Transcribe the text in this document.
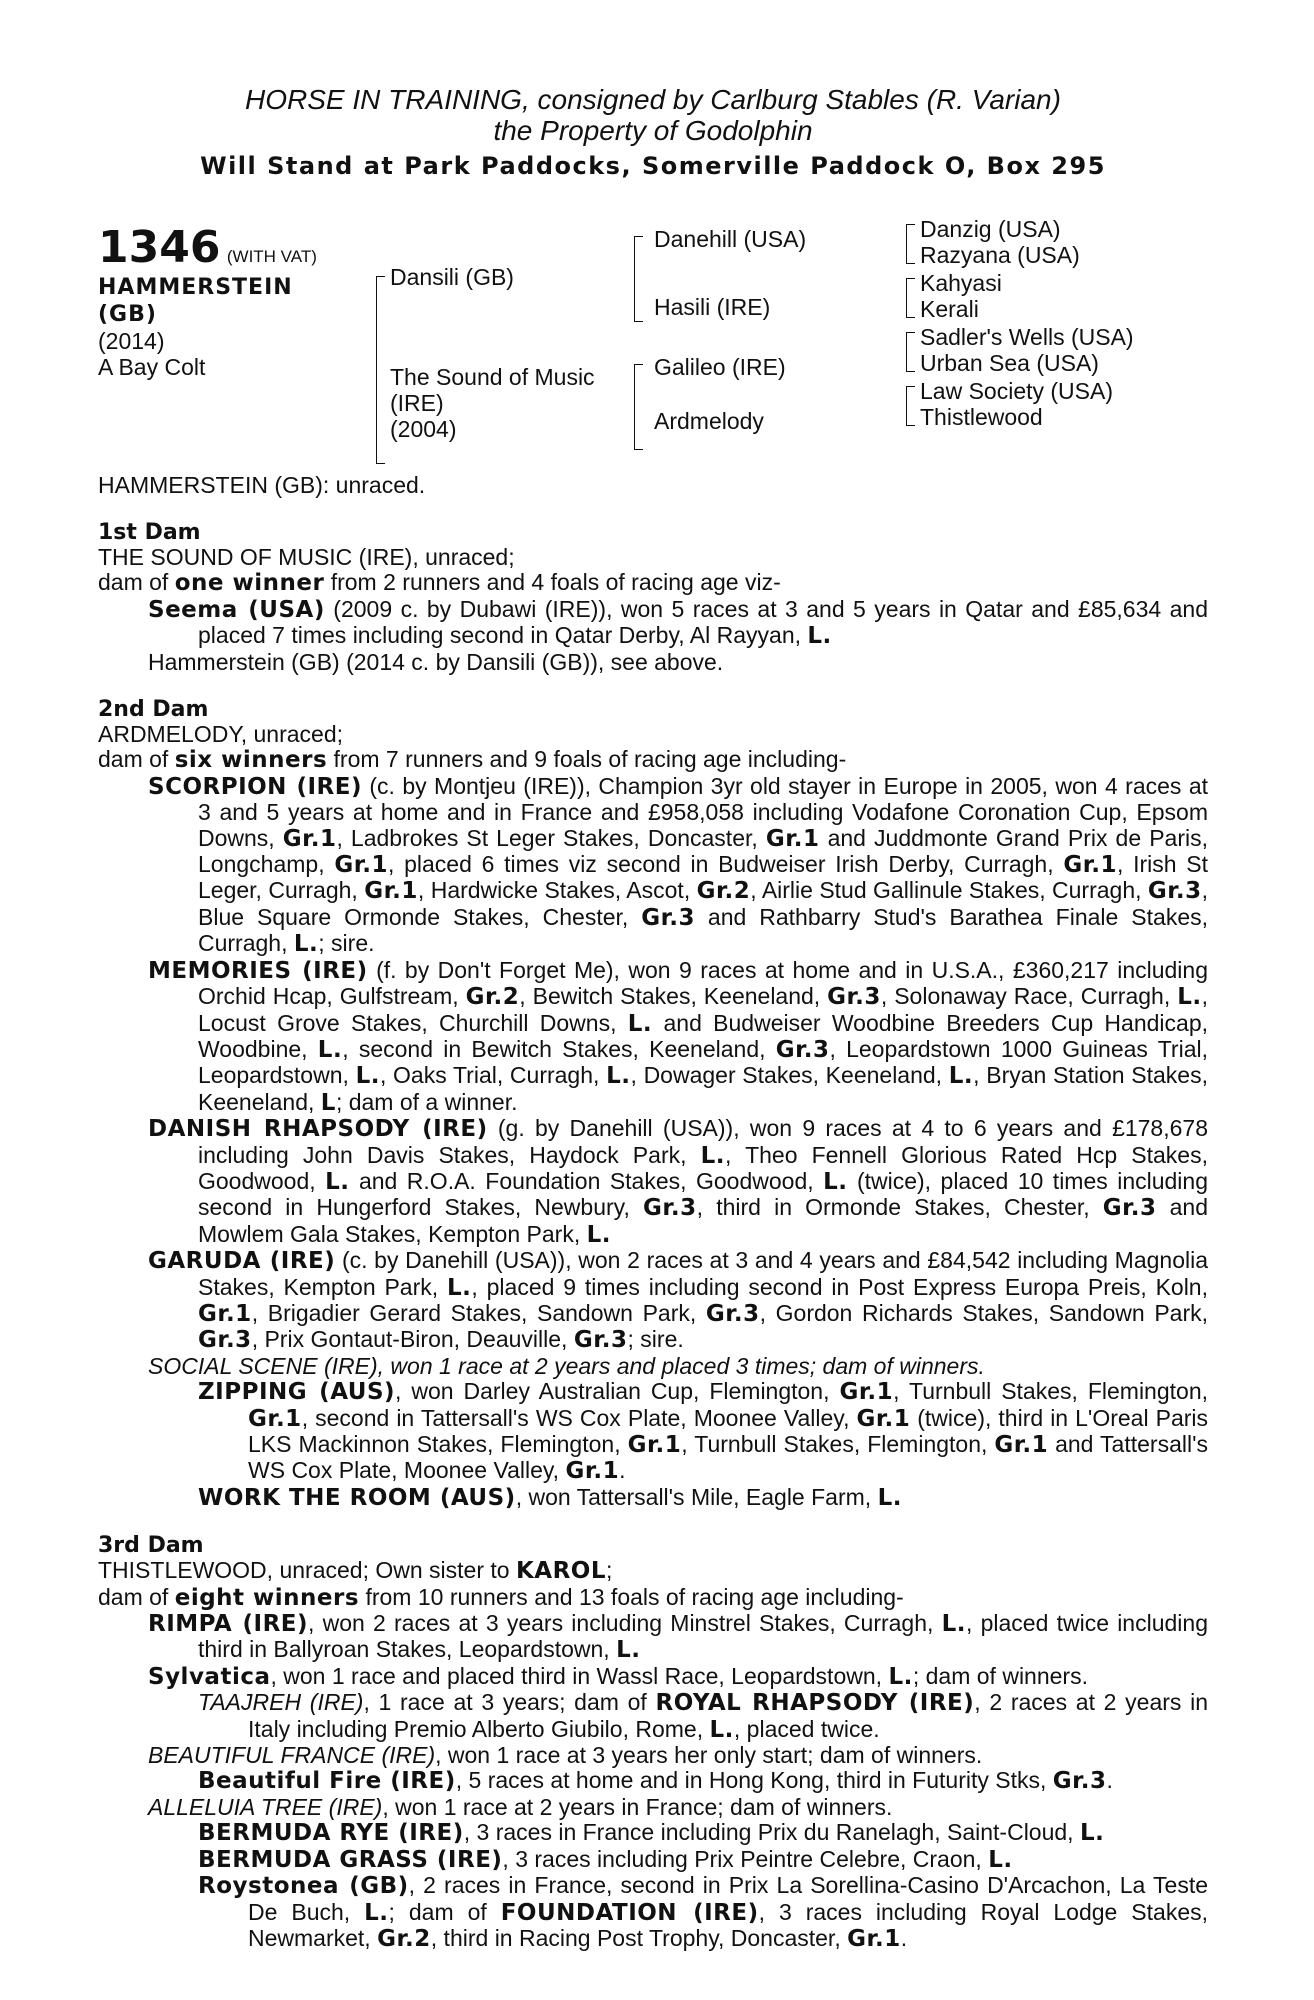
HORSE IN TRAINING, consigned by Carlburg Stables (R. Varian)
the Property of Godolphin
Will Stand at Park Paddocks, Somerville Paddock O, Box 295
1346 (WITH VAT)
HAMMERSTEIN
(GB)
(2014)
A Bay Colt
Dansili (GB)
The Sound of Music
(IRE)
(2004)
Danehill (USA)
Hasili (IRE)
Galileo (IRE)
Ardmelody
Danzig (USA)
Razyana (USA)
Kahyasi
Kerali
Sadler's Wells (USA)
Urban Sea (USA)
Law Society (USA)
Thistlewood
HAMMERSTEIN (GB): unraced.
1st Dam
THE SOUND OF MUSIC (IRE), unraced;
dam of one winner from 2 runners and 4 foals of racing age viz-
Seema (USA) (2009 c. by Dubawi (IRE)), won 5 races at 3 and 5 years in Qatar and £85,634 and placed 7 times including second in Qatar Derby, Al Rayyan, L.
Hammerstein (GB) (2014 c. by Dansili (GB)), see above.
2nd Dam
ARDMELODY, unraced;
dam of six winners from 7 runners and 9 foals of racing age including-
SCORPION (IRE) (c. by Montjeu (IRE)), Champion 3yr old stayer in Europe in 2005, won 4 races at 3 and 5 years at home and in France and £958,058 including Vodafone Coronation Cup, Epsom Downs, Gr.1, Ladbrokes St Leger Stakes, Doncaster, Gr.1 and Juddmonte Grand Prix de Paris, Longchamp, Gr.1, placed 6 times viz second in Budweiser Irish Derby, Curragh, Gr.1, Irish St Leger, Curragh, Gr.1, Hardwicke Stakes, Ascot, Gr.2, Airlie Stud Gallinule Stakes, Curragh, Gr.3, Blue Square Ormonde Stakes, Chester, Gr.3 and Rathbarry Stud's Barathea Finale Stakes, Curragh, L.; sire.
MEMORIES (IRE) (f. by Don't Forget Me), won 9 races at home and in U.S.A., £360,217 including Orchid Hcap, Gulfstream, Gr.2, Bewitch Stakes, Keeneland, Gr.3, Solonaway Race, Curragh, L., Locust Grove Stakes, Churchill Downs, L. and Budweiser Woodbine Breeders Cup Handicap, Woodbine, L., second in Bewitch Stakes, Keeneland, Gr.3, Leopardstown 1000 Guineas Trial, Leopardstown, L., Oaks Trial, Curragh, L., Dowager Stakes, Keeneland, L., Bryan Station Stakes, Keeneland, L; dam of a winner.
DANISH RHAPSODY (IRE) (g. by Danehill (USA)), won 9 races at 4 to 6 years and £178,678 including John Davis Stakes, Haydock Park, L., Theo Fennell Glorious Rated Hcp Stakes, Goodwood, L. and R.O.A. Foundation Stakes, Goodwood, L. (twice), placed 10 times including second in Hungerford Stakes, Newbury, Gr.3, third in Ormonde Stakes, Chester, Gr.3 and Mowlem Gala Stakes, Kempton Park, L.
GARUDA (IRE) (c. by Danehill (USA)), won 2 races at 3 and 4 years and £84,542 including Magnolia Stakes, Kempton Park, L., placed 9 times including second in Post Express Europa Preis, Koln, Gr.1, Brigadier Gerard Stakes, Sandown Park, Gr.3, Gordon Richards Stakes, Sandown Park, Gr.3, Prix Gontaut-Biron, Deauville, Gr.3; sire.
SOCIAL SCENE (IRE), won 1 race at 2 years and placed 3 times; dam of winners.
ZIPPING (AUS), won Darley Australian Cup, Flemington, Gr.1, Turnbull Stakes, Flemington, Gr.1, second in Tattersall's WS Cox Plate, Moonee Valley, Gr.1 (twice), third in L'Oreal Paris LKS Mackinnon Stakes, Flemington, Gr.1, Turnbull Stakes, Flemington, Gr.1 and Tattersall's WS Cox Plate, Moonee Valley, Gr.1.
WORK THE ROOM (AUS), won Tattersall's Mile, Eagle Farm, L.
3rd Dam
THISTLEWOOD, unraced; Own sister to KAROL;
dam of eight winners from 10 runners and 13 foals of racing age including-
RIMPA (IRE), won 2 races at 3 years including Minstrel Stakes, Curragh, L., placed twice including third in Ballyroan Stakes, Leopardstown, L.
Sylvatica, won 1 race and placed third in Wassl Race, Leopardstown, L.; dam of winners.
TAAJREH (IRE), 1 race at 3 years; dam of ROYAL RHAPSODY (IRE), 2 races at 2 years in Italy including Premio Alberto Giubilo, Rome, L., placed twice.
BEAUTIFUL FRANCE (IRE), won 1 race at 3 years her only start; dam of winners.
Beautiful Fire (IRE), 5 races at home and in Hong Kong, third in Futurity Stks, Gr.3.
ALLELUIA TREE (IRE), won 1 race at 2 years in France; dam of winners.
BERMUDA RYE (IRE), 3 races in France including Prix du Ranelagh, Saint-Cloud, L.
BERMUDA GRASS (IRE), 3 races including Prix Peintre Celebre, Craon, L.
Roystonea (GB), 2 races in France, second in Prix La Sorellina-Casino D'Arcachon, La Teste De Buch, L.; dam of FOUNDATION (IRE), 3 races including Royal Lodge Stakes, Newmarket, Gr.2, third in Racing Post Trophy, Doncaster, Gr.1.
